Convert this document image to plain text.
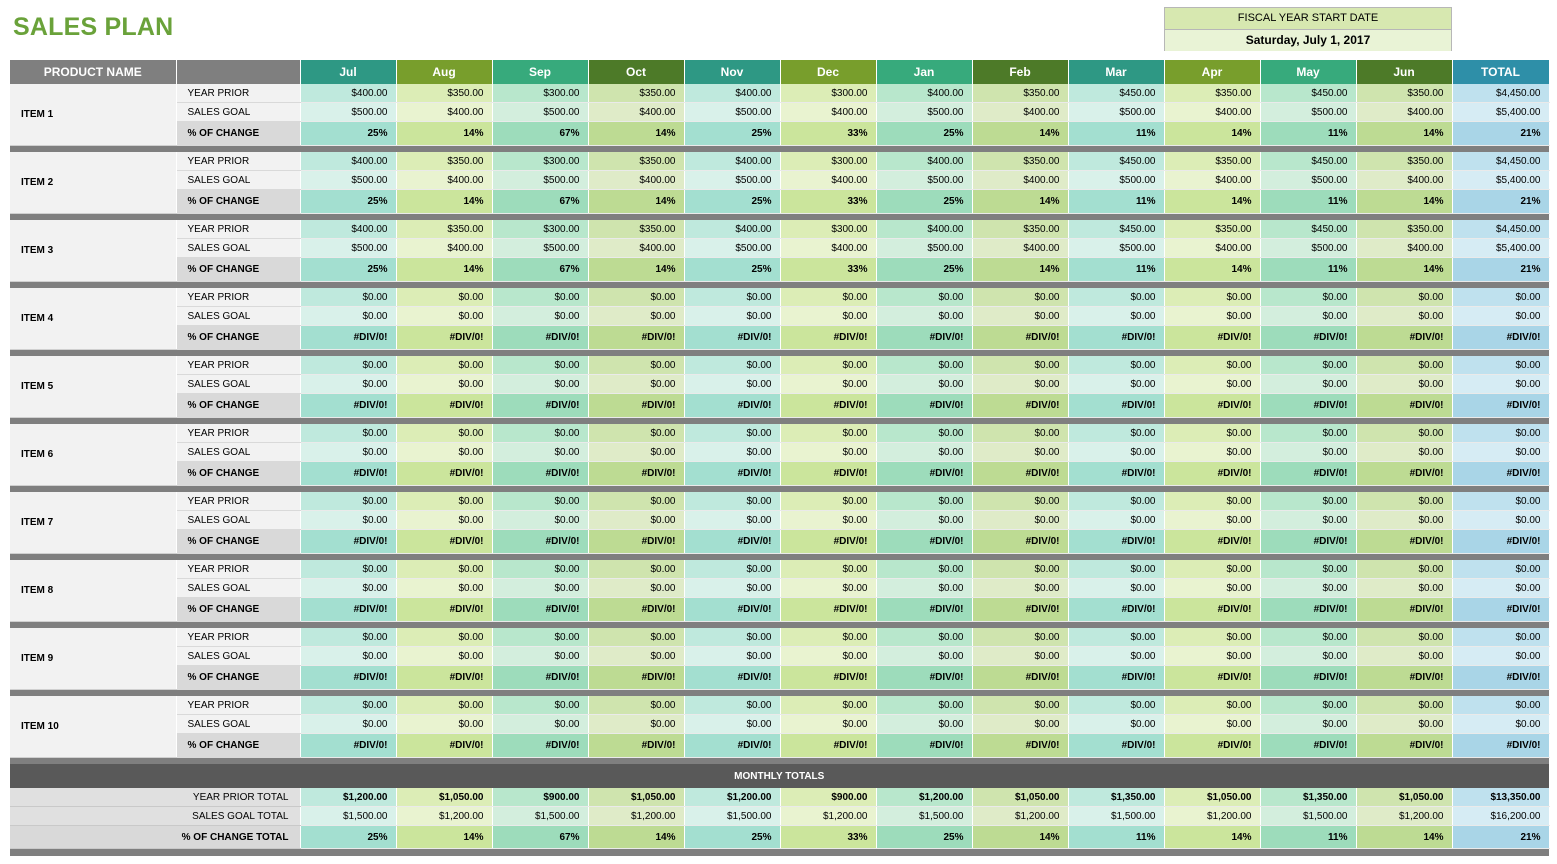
SALES PLAN	FISCAL YEAR START DATE
Saturday, July 1, 2017
PRODUCT NAME		Jul	Aug	Sep	Oct	Nov	Dec	Jan	Feb	Mar	Apr	May	Jun	TOTAL
ITEM 1	YEAR PRIOR	$400.00	$350.00	$300.00	$350.00	$400.00	$300.00	$400.00	$350.00	$450.00	$350.00	$450.00	$350.00	$4,450.00
	SALES GOAL	$500.00	$400.00	$500.00	$400.00	$500.00	$400.00	$500.00	$400.00	$500.00	$400.00	$500.00	$400.00	$5,400.00
	% OF CHANGE	25%	14%	67%	14%	25%	33%	25%	14%	11%	14%	11%	14%	21%

ITEM 2	YEAR PRIOR	$400.00	$350.00	$300.00	$350.00	$400.00	$300.00	$400.00	$350.00	$450.00	$350.00	$450.00	$350.00	$4,450.00
	SALES GOAL	$500.00	$400.00	$500.00	$400.00	$500.00	$400.00	$500.00	$400.00	$500.00	$400.00	$500.00	$400.00	$5,400.00
	% OF CHANGE	25%	14%	67%	14%	25%	33%	25%	14%	11%	14%	11%	14%	21%

ITEM 3	YEAR PRIOR	$400.00	$350.00	$300.00	$350.00	$400.00	$300.00	$400.00	$350.00	$450.00	$350.00	$450.00	$350.00	$4,450.00
	SALES GOAL	$500.00	$400.00	$500.00	$400.00	$500.00	$400.00	$500.00	$400.00	$500.00	$400.00	$500.00	$400.00	$5,400.00
	% OF CHANGE	25%	14%	67%	14%	25%	33%	25%	14%	11%	14%	11%	14%	21%

ITEM 4	YEAR PRIOR	$0.00	$0.00	$0.00	$0.00	$0.00	$0.00	$0.00	$0.00	$0.00	$0.00	$0.00	$0.00	$0.00
	SALES GOAL	$0.00	$0.00	$0.00	$0.00	$0.00	$0.00	$0.00	$0.00	$0.00	$0.00	$0.00	$0.00	$0.00
	% OF CHANGE	#DIV/0!	#DIV/0!	#DIV/0!	#DIV/0!	#DIV/0!	#DIV/0!	#DIV/0!	#DIV/0!	#DIV/0!	#DIV/0!	#DIV/0!	#DIV/0!	#DIV/0!

ITEM 5	YEAR PRIOR	$0.00	$0.00	$0.00	$0.00	$0.00	$0.00	$0.00	$0.00	$0.00	$0.00	$0.00	$0.00	$0.00
	SALES GOAL	$0.00	$0.00	$0.00	$0.00	$0.00	$0.00	$0.00	$0.00	$0.00	$0.00	$0.00	$0.00	$0.00
	% OF CHANGE	#DIV/0!	#DIV/0!	#DIV/0!	#DIV/0!	#DIV/0!	#DIV/0!	#DIV/0!	#DIV/0!	#DIV/0!	#DIV/0!	#DIV/0!	#DIV/0!	#DIV/0!

ITEM 6	YEAR PRIOR	$0.00	$0.00	$0.00	$0.00	$0.00	$0.00	$0.00	$0.00	$0.00	$0.00	$0.00	$0.00	$0.00
	SALES GOAL	$0.00	$0.00	$0.00	$0.00	$0.00	$0.00	$0.00	$0.00	$0.00	$0.00	$0.00	$0.00	$0.00
	% OF CHANGE	#DIV/0!	#DIV/0!	#DIV/0!	#DIV/0!	#DIV/0!	#DIV/0!	#DIV/0!	#DIV/0!	#DIV/0!	#DIV/0!	#DIV/0!	#DIV/0!	#DIV/0!

ITEM 7	YEAR PRIOR	$0.00	$0.00	$0.00	$0.00	$0.00	$0.00	$0.00	$0.00	$0.00	$0.00	$0.00	$0.00	$0.00
	SALES GOAL	$0.00	$0.00	$0.00	$0.00	$0.00	$0.00	$0.00	$0.00	$0.00	$0.00	$0.00	$0.00	$0.00
	% OF CHANGE	#DIV/0!	#DIV/0!	#DIV/0!	#DIV/0!	#DIV/0!	#DIV/0!	#DIV/0!	#DIV/0!	#DIV/0!	#DIV/0!	#DIV/0!	#DIV/0!	#DIV/0!

ITEM 8	YEAR PRIOR	$0.00	$0.00	$0.00	$0.00	$0.00	$0.00	$0.00	$0.00	$0.00	$0.00	$0.00	$0.00	$0.00
	SALES GOAL	$0.00	$0.00	$0.00	$0.00	$0.00	$0.00	$0.00	$0.00	$0.00	$0.00	$0.00	$0.00	$0.00
	% OF CHANGE	#DIV/0!	#DIV/0!	#DIV/0!	#DIV/0!	#DIV/0!	#DIV/0!	#DIV/0!	#DIV/0!	#DIV/0!	#DIV/0!	#DIV/0!	#DIV/0!	#DIV/0!

ITEM 9	YEAR PRIOR	$0.00	$0.00	$0.00	$0.00	$0.00	$0.00	$0.00	$0.00	$0.00	$0.00	$0.00	$0.00	$0.00
	SALES GOAL	$0.00	$0.00	$0.00	$0.00	$0.00	$0.00	$0.00	$0.00	$0.00	$0.00	$0.00	$0.00	$0.00
	% OF CHANGE	#DIV/0!	#DIV/0!	#DIV/0!	#DIV/0!	#DIV/0!	#DIV/0!	#DIV/0!	#DIV/0!	#DIV/0!	#DIV/0!	#DIV/0!	#DIV/0!	#DIV/0!

ITEM 10	YEAR PRIOR	$0.00	$0.00	$0.00	$0.00	$0.00	$0.00	$0.00	$0.00	$0.00	$0.00	$0.00	$0.00	$0.00
	SALES GOAL	$0.00	$0.00	$0.00	$0.00	$0.00	$0.00	$0.00	$0.00	$0.00	$0.00	$0.00	$0.00	$0.00
	% OF CHANGE	#DIV/0!	#DIV/0!	#DIV/0!	#DIV/0!	#DIV/0!	#DIV/0!	#DIV/0!	#DIV/0!	#DIV/0!	#DIV/0!	#DIV/0!	#DIV/0!	#DIV/0!

MONTHLY TOTALS														
YEAR PRIOR TOTAL		$1,200.00	$1,050.00	$900.00	$1,050.00	$1,200.00	$900.00	$1,200.00	$1,050.00	$1,350.00	$1,050.00	$1,350.00	$1,050.00	$13,350.00
SALES GOAL TOTAL		$1,500.00	$1,200.00	$1,500.00	$1,200.00	$1,500.00	$1,200.00	$1,500.00	$1,200.00	$1,500.00	$1,200.00	$1,500.00	$1,200.00	$16,200.00
% OF CHANGE TOTAL		25%	14%	67%	14%	25%	33%	25%	14%	11%	14%	11%	14%	21%
